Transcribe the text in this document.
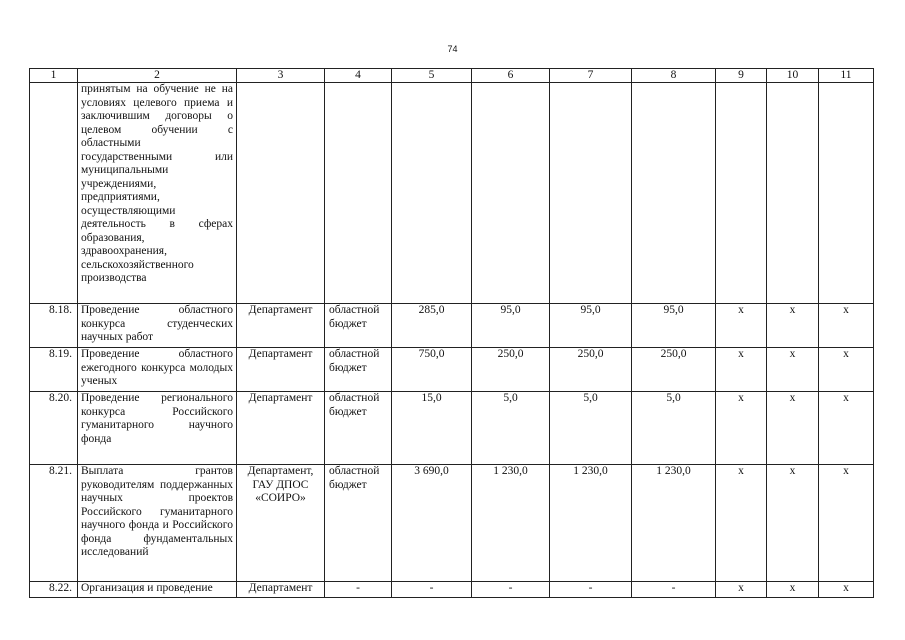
74
1	2	3	4	5	6	7	8	9	10	11
	принятым на обучение не на условиях целевого приема и заключившим договоры о целевом обучении с областными государственными или муниципальными учреждениями, предприятиями, осуществляющими деятельность в сферах образования, здравоохранения, сельскохозяйственного производства									
8.18.	Проведение областного конкурса студенческих научных работ	Департамент	областной бюджет	285,0	95,0	95,0	95,0	х	х	х
8.19.	Проведение областного ежегодного конкурса молодых ученых	Департамент	областной бюджет	750,0	250,0	250,0	250,0	х	х	х
8.20.	Проведение регионального конкурса Российского гуманитарного научного фонда	Департамент	областной бюджет	15,0	5,0	5,0	5,0	х	х	х
8.21.	Выплата грантов руководителям поддержанных научных проектов Российского гуманитарного научного фонда и Российского фонда фундаментальных исследований	Департамент, ГАУ ДПОС «СОИРО»	областной бюджет	3 690,0	1 230,0	1 230,0	1 230,0	х	х	х
8.22.	Организация и проведение	Департамент	-	-	-	-	-	х	х	х
